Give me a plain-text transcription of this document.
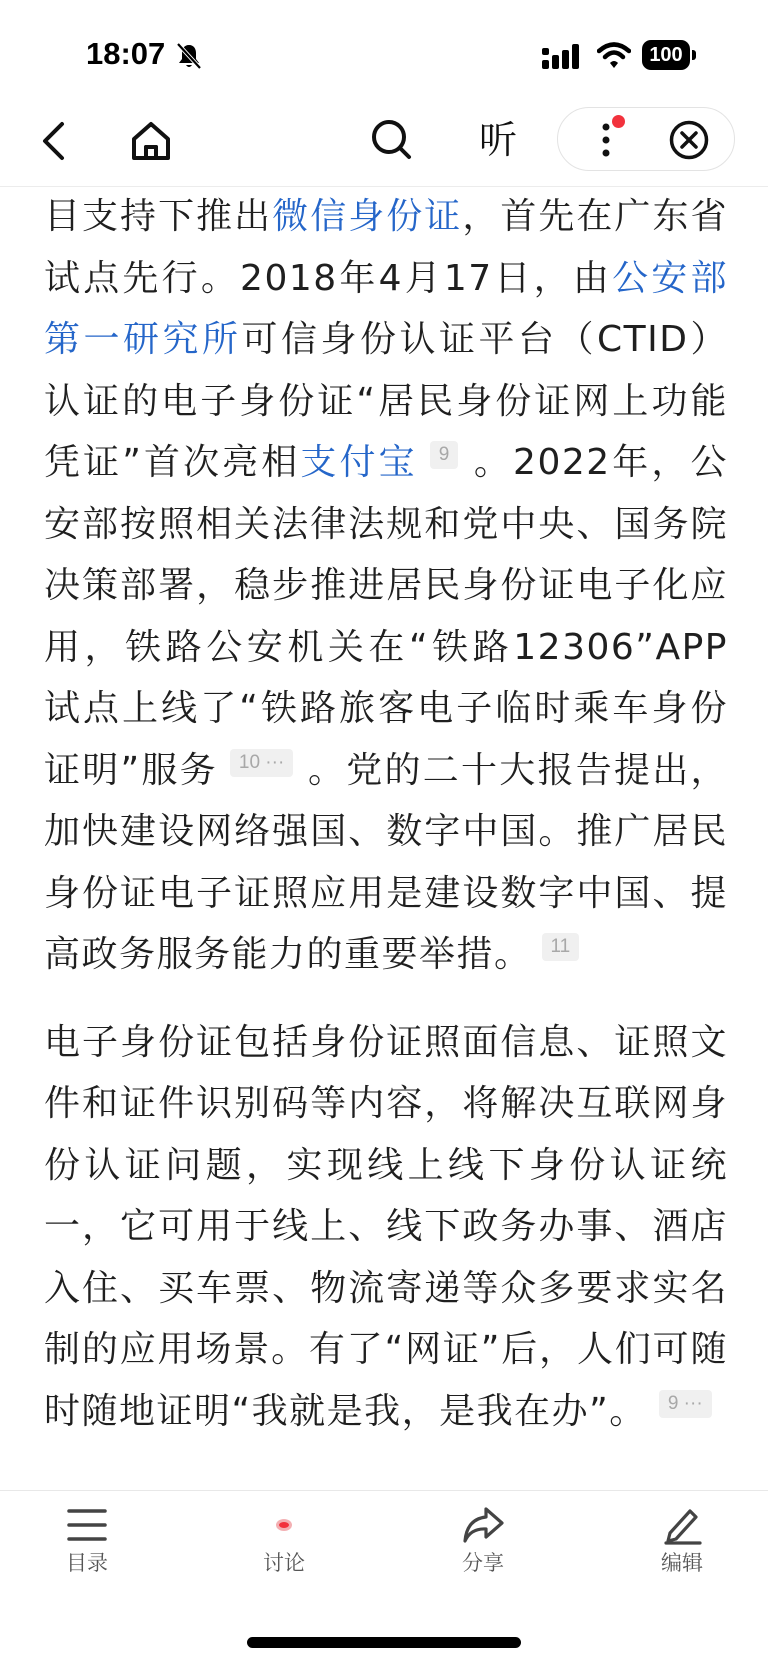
18:07	100
听

目支持下推出微信身份证，首先在广东省试点先行。2018年4月17日，由公安部第一研究所可信身份认证平台（CTID）认证的电子身份证“居民身份证网上功能凭证”首次亮相支付宝 9 。2022年，公安部按照相关法律法规和党中央、国务院决策部署，稳步推进居民身份证电子化应用，铁路公安机关在“铁路12306”APP试点上线了“铁路旅客电子临时乘车身份证明”服务 10 ··· 。党的二十大报告提出，加快建设网络强国、数字中国。推广居民身份证电子证照应用是建设数字中国、提高政务服务能力的重要举措。 11

电子身份证包括身份证照面信息、证照文件和证件识别码等内容，将解决互联网身份认证问题，实现线上线下身份认证统一，它可用于线上、线下政务办事、酒店入住、买车票、物流寄递等众多要求实名制的应用场景。有了“网证”后，人们可随时随地证明“我就是我，是我在办”。 9 ···

目录	讨论	分享	编辑
